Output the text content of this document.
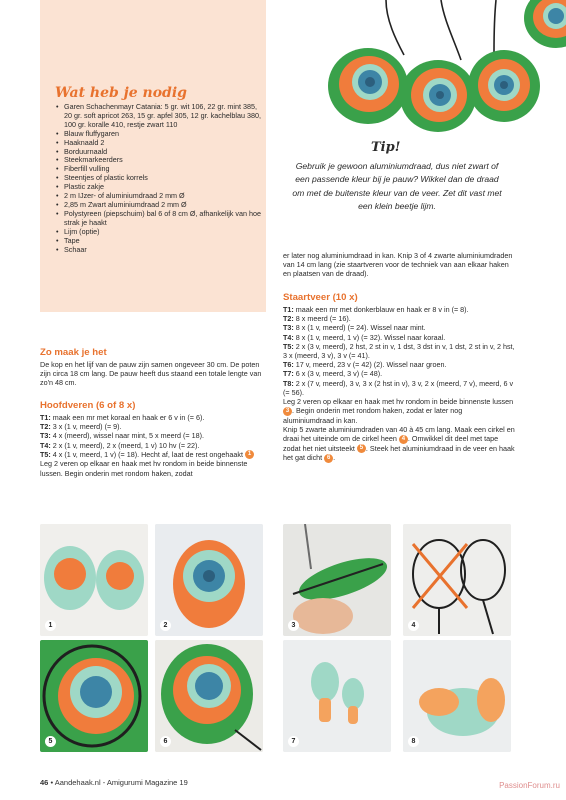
Wat heb je nodig
• Garen Schachenmayr Catania: 5 gr. wit 106, 22 gr. mint 385, 20 gr. soft apricot 263, 15 gr. apfel 305, 12 gr. kachelblau 380, 100 gr. koralle 410, restje zwart 110
• Blauw fluffygaren
• Haaknaald 2
• Borduurnaald
• Steekmarkeerders
• Fiberfill vulling
• Steentjes of plastic korrels
• Plastic zakje
• 2 m IJzer- of aluminiumdraad 2 mm Ø
• 2,85 m Zwart aluminiumdraad 2 mm Ø
• Polystyreen (piepschuim) bal 6 of 8 cm Ø, afhankelijk van hoe strak je haakt
• Lijm (optie)
• Tape
• Schaar
Tip!
Gebruik je gewoon aluminiumdraad, dus niet zwart of een passende kleur bij je pauw? Wikkel dan de draad om met de buitenste kleur van de veer. Zet dit vast met een klein beetje lijm.
Zo maak je het
De kop en het lijf van de pauw zijn samen ongeveer 30 cm. De poten zijn circa 18 cm lang. De pauw heeft dus staand een totale lengte van zo'n 48 cm.
Hoofdveren (6 of 8 x)
T1: maak een mr met koraal en haak er 6 v in (= 6).
T2: 3 x (1 v, meerd) (= 9).
T3: 4 x (meerd), wissel naar mint, 5 x meerd (= 18).
T4: 2 x (1 v, meerd), 2 x (meerd, 1 v) 10 hv (= 22).
T5: 4 x (1 v, meerd, 1 v) (= 18). Hecht af, laat de rest ongehaakt 1
Leg 2 veren op elkaar en haak met hv rondom in beide binnenste lussen. Begin onderin met rondom haken, zodat
er later nog aluminiumdraad in kan. Knip 3 of 4 zwarte aluminiumdraden van 14 cm lang (zie staartveren voor de techniek van aan elkaar haken en plaatsen van de draad).
Staartveer (10 x)
T1: maak een mr met donkerblauw en haak er 8 v in (= 8).
T2: 8 x meerd (= 16).
T3: 8 x (1 v, meerd) (= 24). Wissel naar mint.
T4: 8 x (1 v, meerd, 1 v) (= 32). Wissel naar koraal.
T5: 2 x (3 v, meerd), 2 hst, 2 st in v, 1 dst, 3 dst in v, 1 dst, 2 st in v, 2 hst, 3 x (meerd, 3 v), 3 v (= 41).
T6: 17 v, meerd, 23 v (= 42) (2). Wissel naar groen.
T7: 6 x (3 v, meerd, 3 v) (= 48).
T8: 2 x (7 v, meerd), 3 v, 3 x (2 hst in v), 3 v, 2 x (meerd, 7 v), meerd, 6 v (= 56).
Leg 2 veren op elkaar en haak met hv rondom in beide binnenste lussen 3 . Begin onderin met rondom haken, zodat er later nog aluminiumdraad in kan.
Knip 5 zwarte aluminiumdraden van 40 à 45 cm lang. Maak een cirkel en draai het uiteinde om de cirkel heen 4 . Omwikkel dit deel met tape zodat het niet uitsteekt 5 . Steek het aluminiumdraad in de veer en haak het gat dicht 6 .
1	2	3	4
5	6	7	8
46 • Aandehaak.nl - Amigurumi Magazine 19	PassionForum.ru
